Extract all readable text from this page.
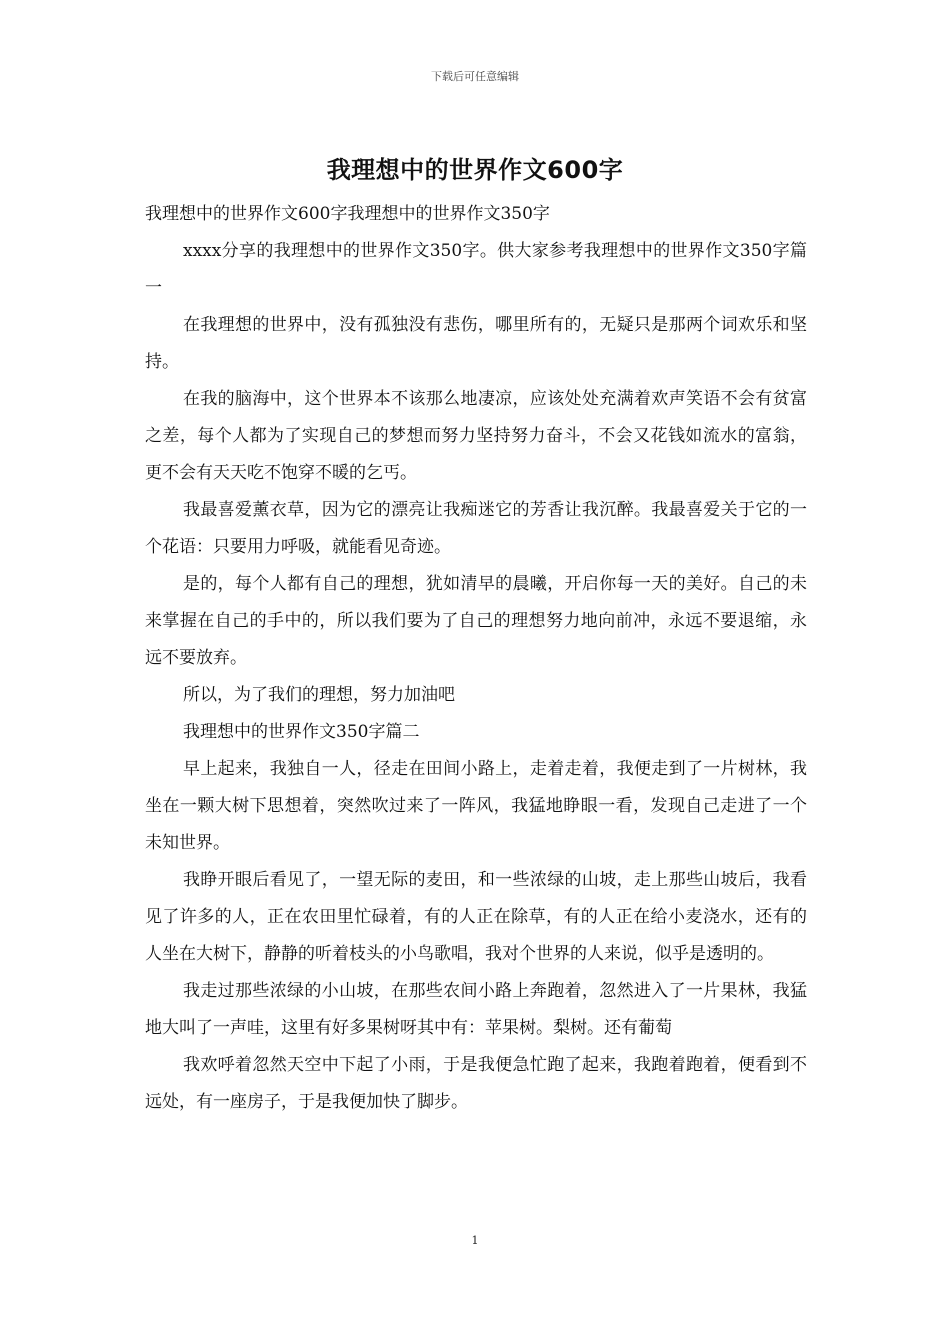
下载后可任意编辑
我理想中的世界作文600字

我理想中的世界作文600字我理想中的世界作文350字

xxxx分享的我理想中的世界作文350字。供大家参考我理想中的世界作文350字篇一

在我理想的世界中，没有孤独没有悲伤，哪里所有的，无疑只是那两个词欢乐和坚持。

在我的脑海中，这个世界本不该那么地凄凉，应该处处充满着欢声笑语不会有贫富之差，每个人都为了实现自己的梦想而努力坚持努力奋斗，不会又花钱如流水的富翁，更不会有天天吃不饱穿不暖的乞丐。

我最喜爱薰衣草，因为它的漂亮让我痴迷它的芳香让我沉醉。我最喜爱关于它的一个花语：只要用力呼吸，就能看见奇迹。

是的，每个人都有自己的理想，犹如清早的晨曦，开启你每一天的美好。自己的未来掌握在自己的手中的，所以我们要为了自己的理想努力地向前冲，永远不要退缩，永远不要放弃。

所以，为了我们的理想，努力加油吧

我理想中的世界作文350字篇二

早上起来，我独自一人，径走在田间小路上，走着走着，我便走到了一片树林，我坐在一颗大树下思想着，突然吹过来了一阵风，我猛地睁眼一看，发现自己走进了一个未知世界。

我睁开眼后看见了，一望无际的麦田，和一些浓绿的山坡，走上那些山坡后，我看见了许多的人，正在农田里忙碌着，有的人正在除草，有的人正在给小麦浇水，还有的人坐在大树下，静静的听着枝头的小鸟歌唱，我对个世界的人来说，似乎是透明的。

我走过那些浓绿的小山坡，在那些农间小路上奔跑着，忽然进入了一片果林，我猛地大叫了一声哇，这里有好多果树呀其中有：苹果树。梨树。还有葡萄

我欢呼着忽然天空中下起了小雨，于是我便急忙跑了起来，我跑着跑着，便看到不远处，有一座房子，于是我便加快了脚步。

1
